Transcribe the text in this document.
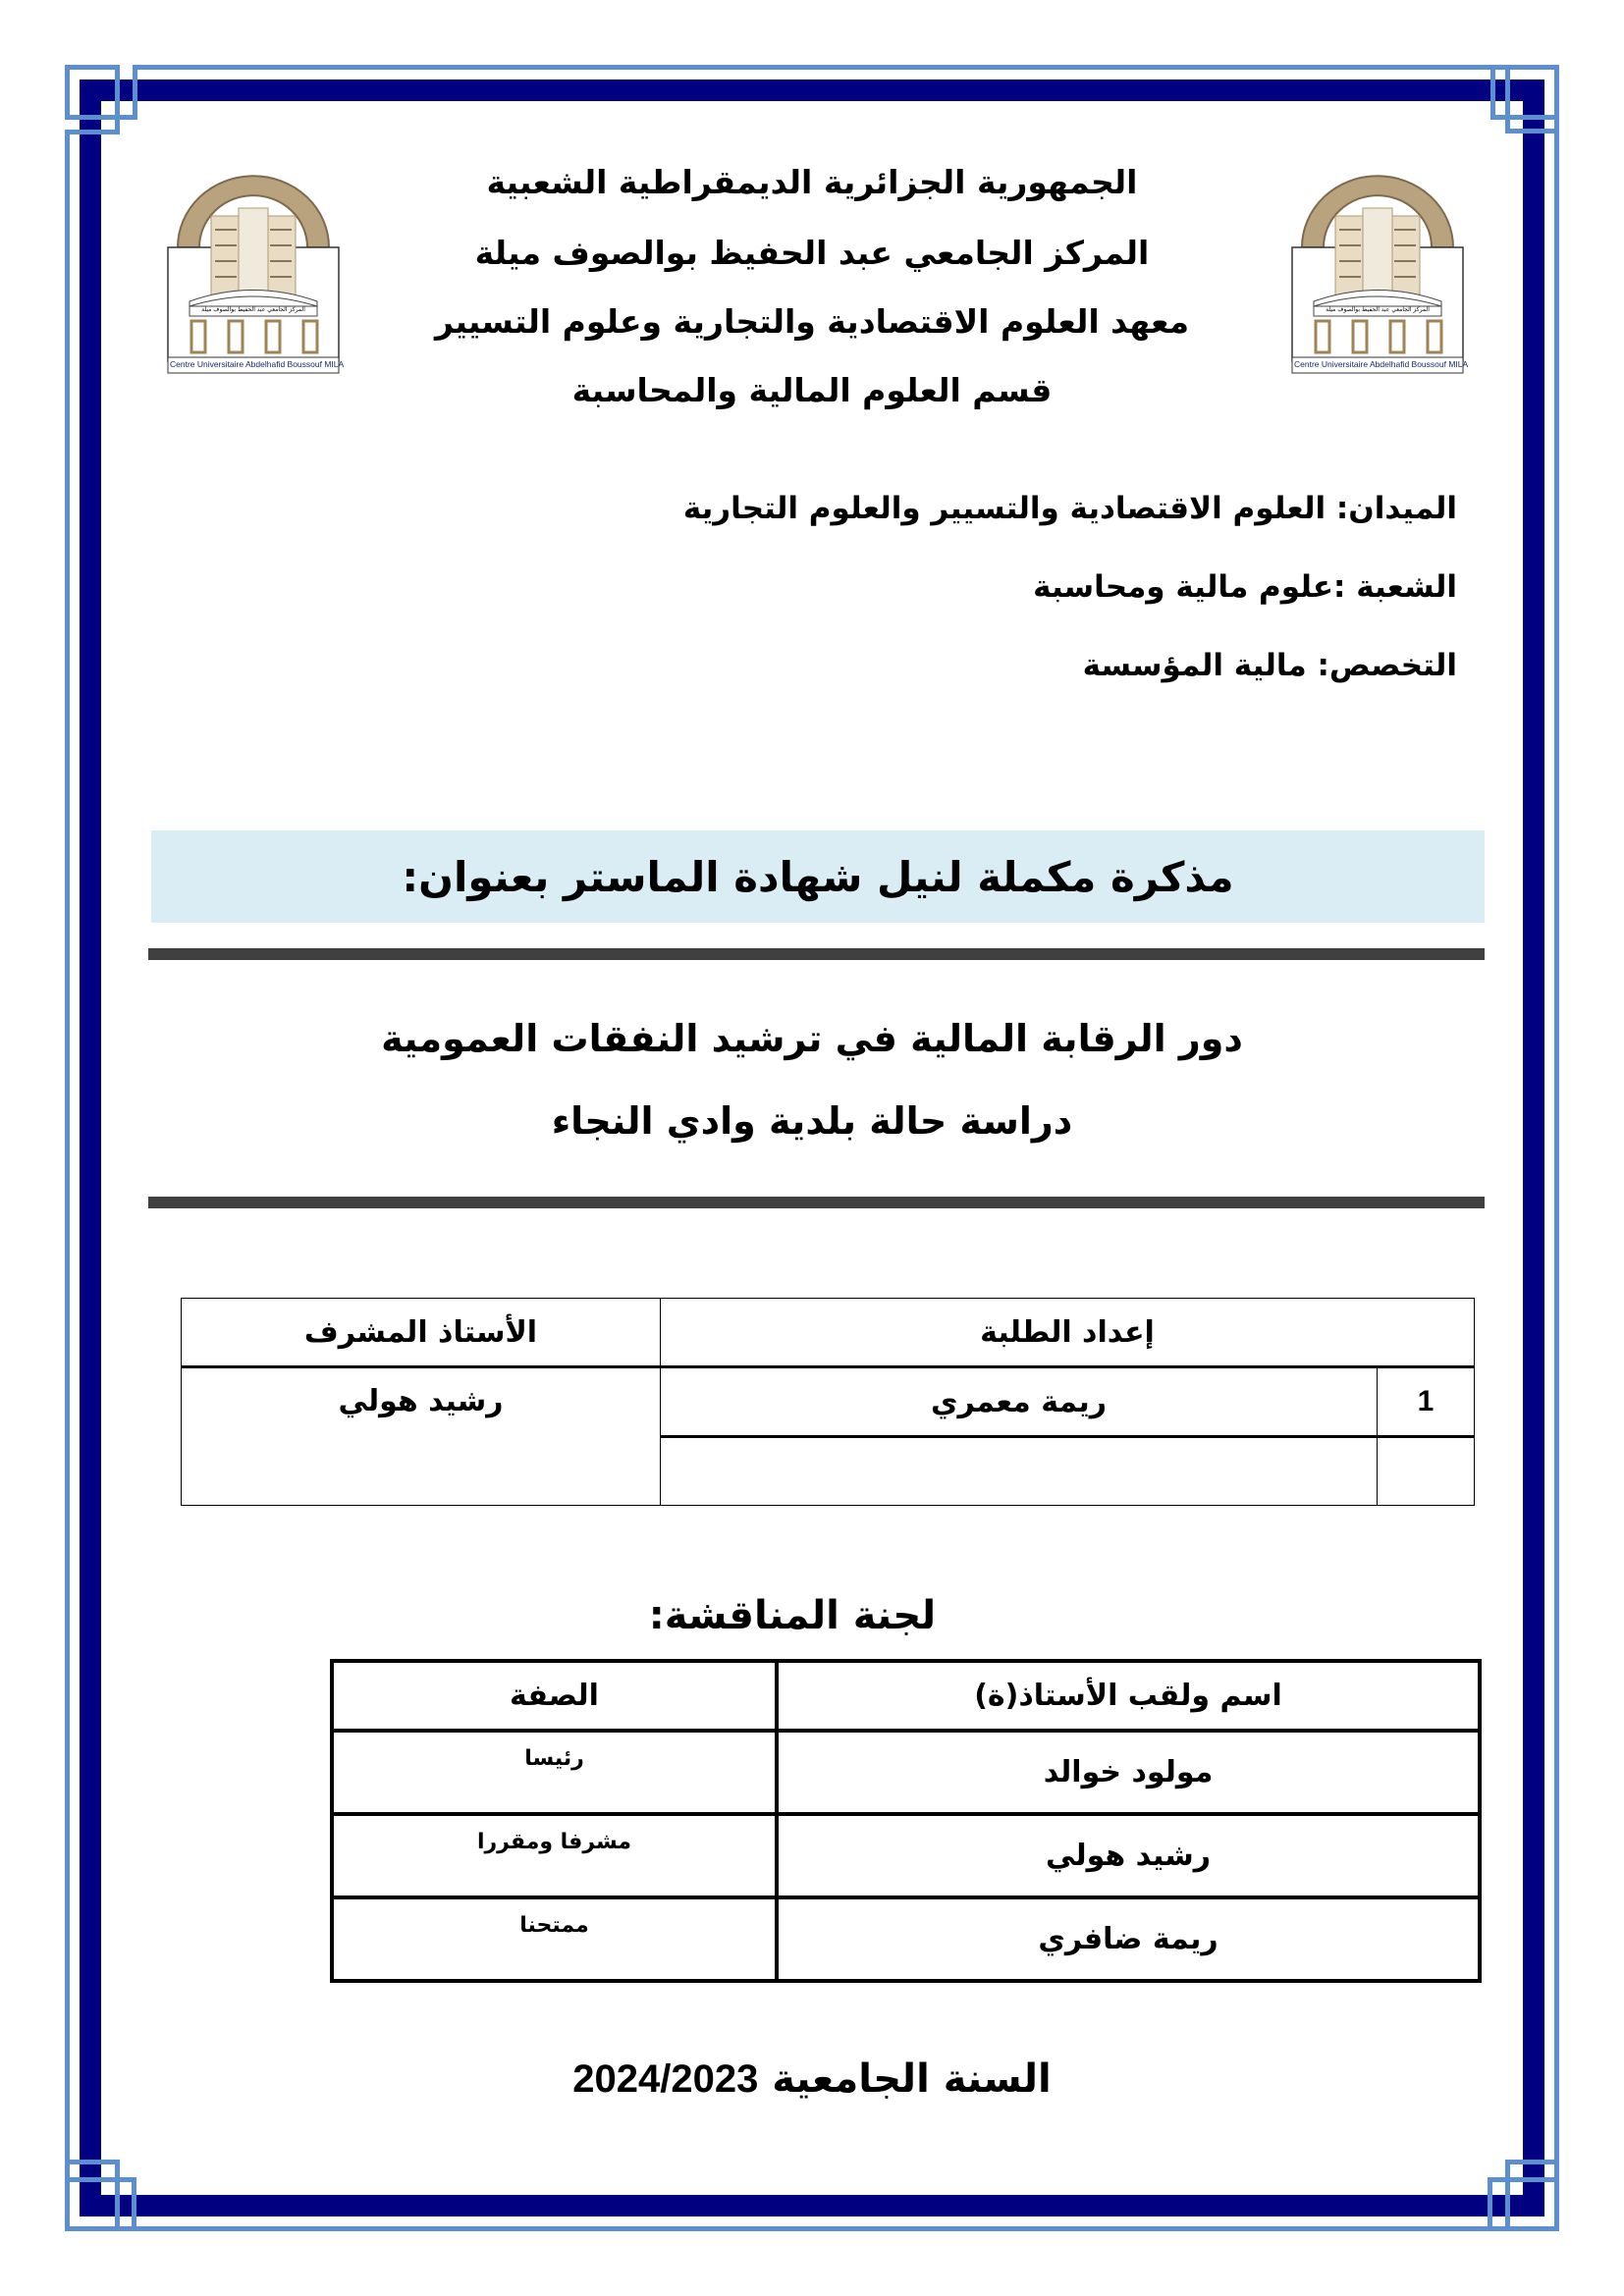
Centre Universitaire Abdelhafid Boussouf MILA
المركز الجامعي عبد الحفيظ بوالصوف ميلة
Centre Universitaire Abdelhafid Boussouf MILA
المركز الجامعي عبد الحفيظ بوالصوف ميلة
الجمهورية الجزائرية الديمقراطية الشعبية
المركز الجامعي عبد الحفيظ بوالصوف ميلة
معهد العلوم الاقتصادية والتجارية وعلوم التسيير
قسم العلوم المالية والمحاسبة
الميدان: العلوم الاقتصادية والتسيير والعلوم التجارية
الشعبة :علوم مالية ومحاسبة
التخصص: مالية المؤسسة
مذكرة مكملة لنيل شهادة الماستر بعنوان:
دور الرقابة المالية في ترشيد النفقات العمومية
دراسة حالة بلدية وادي النجاء
إعداد الطلبة		الأستاذ المشرف
1	ريمة معمري	رشيد هولي

لجنة المناقشة:
اسم ولقب الأستاذ(ة)	الصفة
مولود خوالد	رئيسا
رشيد هولي	مشرفا ومقررا
ريمة ضافري	ممتحنا
السنة الجامعية 2024/2023
